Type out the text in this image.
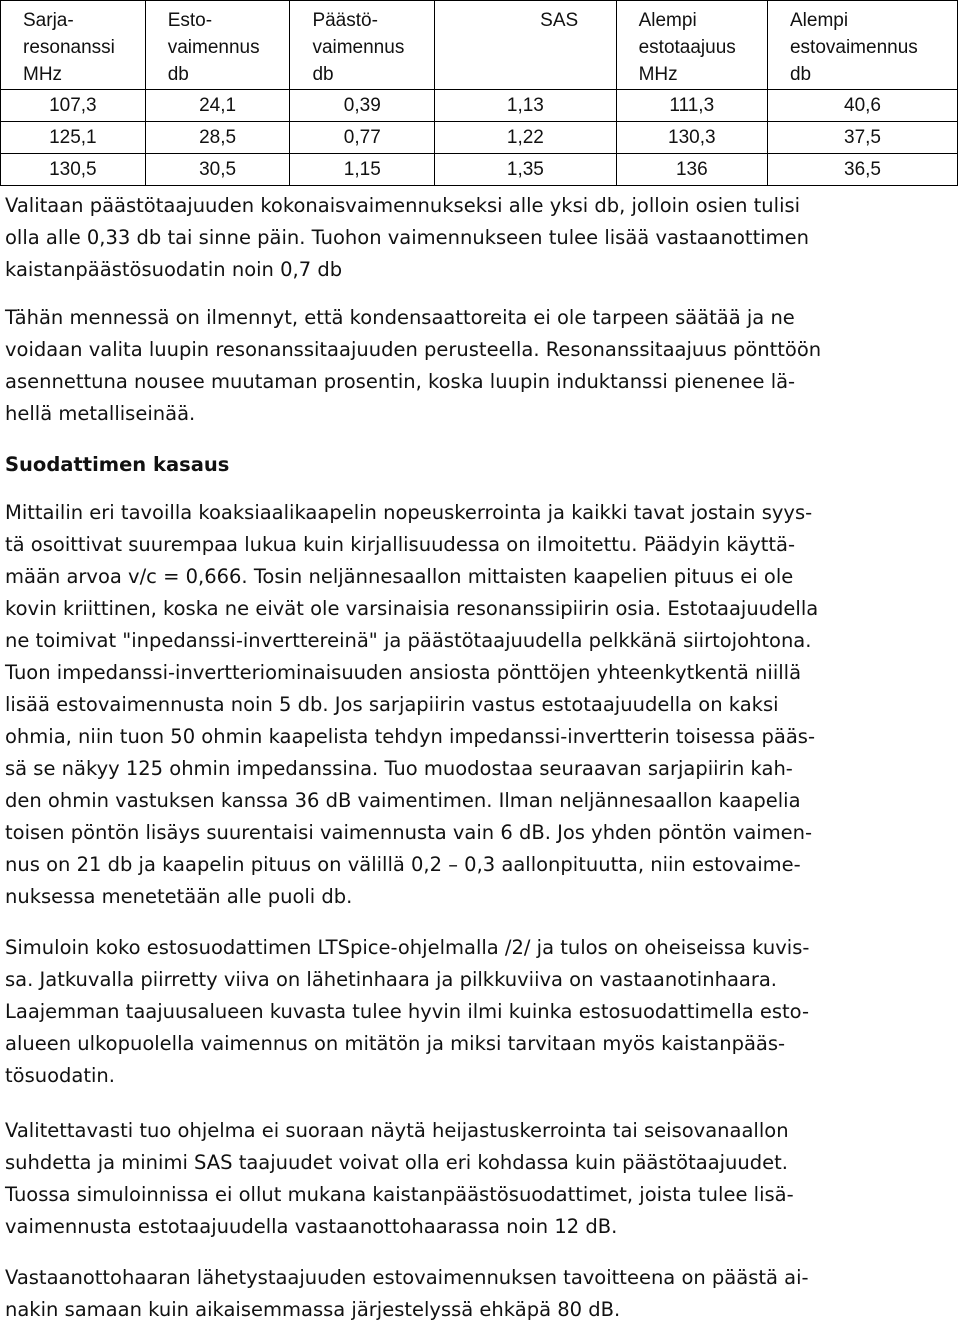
Sarja-
resonanssi
MHz	Esto-
vaimennus
db	Päästö-
vaimennus
db	SAS	Alempi
estotaajuus
MHz	Alempi
estovaimennus
db

107,3	24,1	0,39	1,13	111,3	40,6
125,1	28,5	0,77	1,22	130,3	37,5
130,5	30,5	1,15	1,35	136	36,5

Valitaan päästötaajuuden kokonaisvaimennukseksi alle yksi db, jolloin osien tulisi
olla alle 0,33 db tai sinne päin. Tuohon vaimennukseen tulee lisää vastaanottimen
kaistanpäästösuodatin noin 0,7 db

Tähän mennessä on ilmennyt, että kondensaattoreita ei ole tarpeen säätää ja ne
voidaan valita luupin resonanssitaajuuden perusteella. Resonanssitaajuus pönttöön
asennettuna nousee muutaman prosentin, koska luupin induktanssi pienenee lä-
hellä metalliseinää.

Suodattimen kasaus

Mittailin eri tavoilla koaksiaalikaapelin nopeuskerrointa ja kaikki tavat jostain syys-
tä osoittivat suurempaa lukua kuin kirjallisuudessa on ilmoitettu. Päädyin käyttä-
mään arvoa v/c = 0,666. Tosin neljännesaallon mittaisten kaapelien pituus ei ole
kovin kriittinen, koska ne eivät ole varsinaisia resonanssipiirin osia. Estotaajuudella
ne toimivat "inpedanssi-inverttereinä" ja päästötaajuudella pelkkänä siirtojohtona.
Tuon impedanssi-invertteriominaisuuden ansiosta pönttöjen yhteenkytkentä niillä
lisää estovaimennusta noin 5 db. Jos sarjapiirin vastus estotaajuudella on kaksi
ohmia, niin tuon 50 ohmin kaapelista tehdyn impedanssi-invertterin toisessa pääs-
sä se näkyy 125 ohmin impedanssina. Tuo muodostaa seuraavan sarjapiirin kah-
den ohmin vastuksen kanssa 36 dB vaimentimen. Ilman neljännesaallon kaapelia
toisen pöntön lisäys suurentaisi vaimennusta vain 6 dB. Jos yhden pöntön vaimen-
nus on 21 db ja kaapelin pituus on välillä 0,2 – 0,3 aallonpituutta, niin estovaime-
nuksessa menetetään alle puoli db.

Simuloin koko estosuodattimen LTSpice-ohjelmalla /2/ ja tulos on oheiseissa kuvis-
sa. Jatkuvalla piirretty viiva on lähetinhaara ja pilkkuviiva on vastaanotinhaara.
Laajemman taajuusalueen kuvasta tulee hyvin ilmi kuinka estosuodattimella esto-
alueen ulkopuolella vaimennus on mitätön ja miksi tarvitaan myös kaistanpääs-
tösuodatin.

Valitettavasti tuo ohjelma ei suoraan näytä heijastuskerrointa tai seisovanaallon
suhdetta ja minimi SAS taajuudet voivat olla eri kohdassa kuin päästötaajuudet.
Tuossa simuloinnissa ei ollut mukana kaistanpäästösuodattimet, joista tulee lisä-
vaimennusta estotaajuudella vastaanottohaarassa noin 12 dB.

Vastaanottohaaran lähetystaajuuden estovaimennuksen tavoitteena on päästä ai-
nakin samaan kuin aikaisemmassa järjestelyssä ehkäpä 80 dB.
